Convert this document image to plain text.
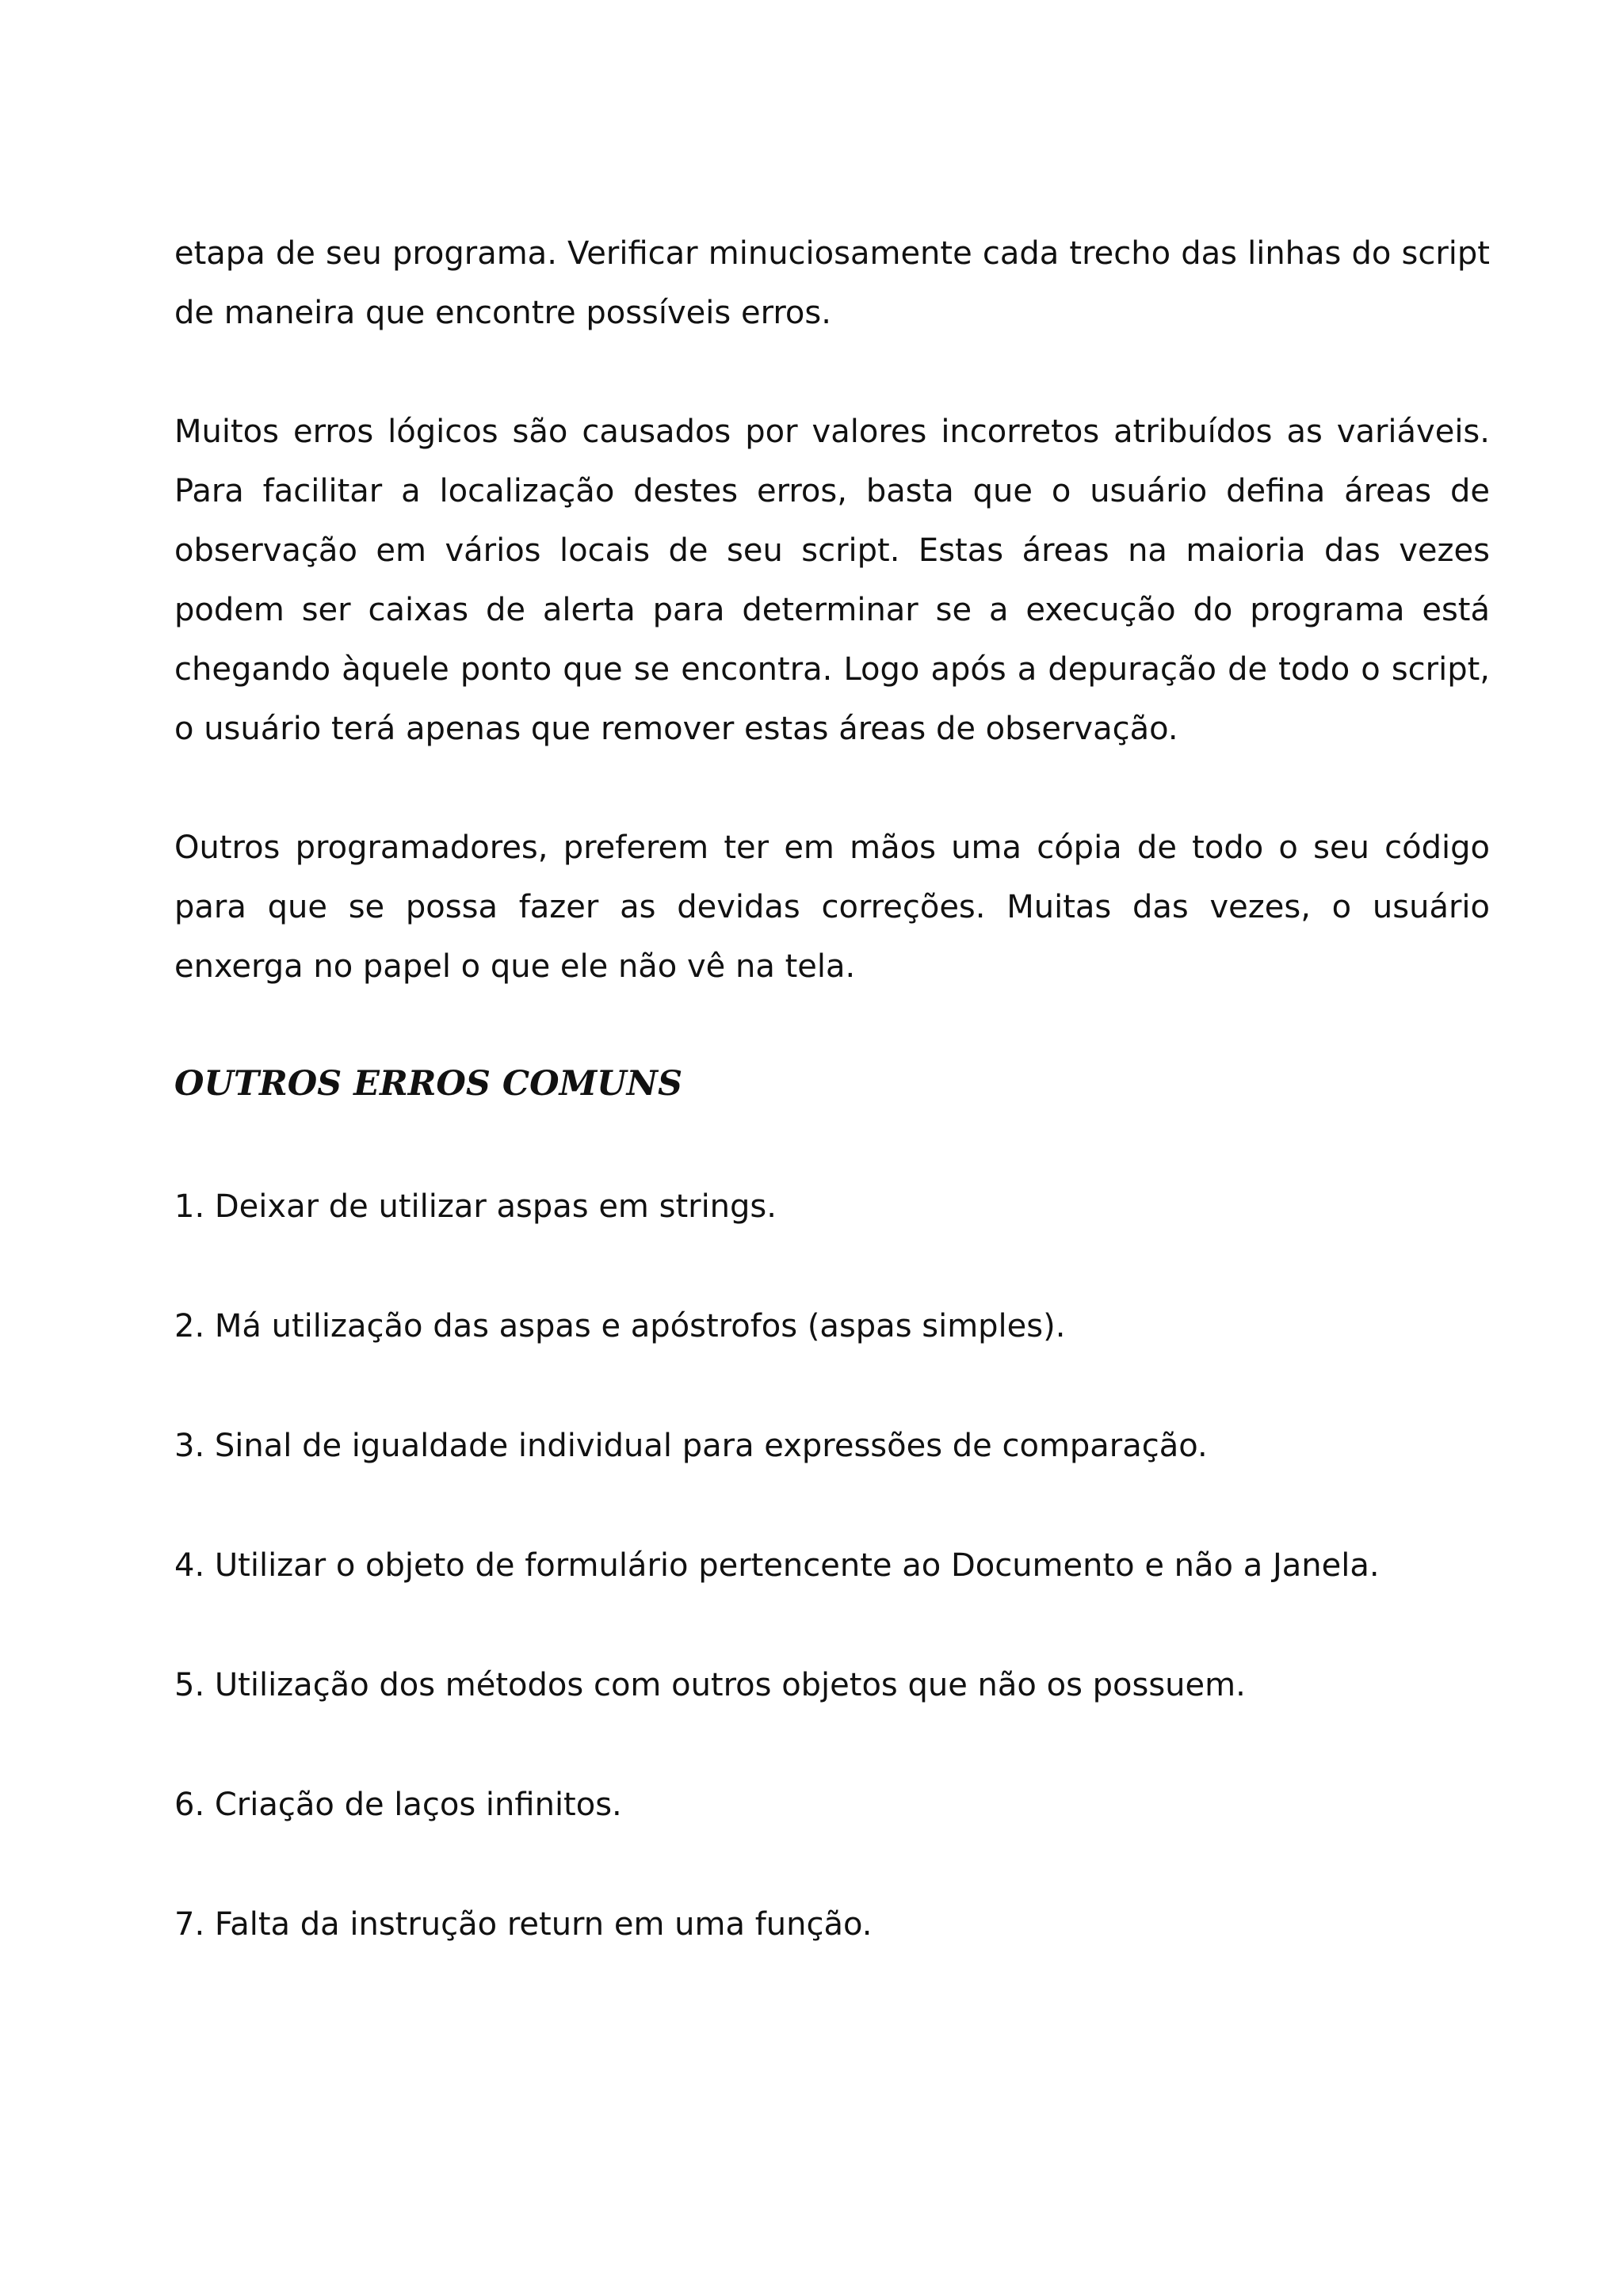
etapa de seu programa. Verificar minuciosamente cada trecho das linhas do script de maneira que encontre possíveis erros.

Muitos erros lógicos são causados por valores incorretos atribuídos as variáveis. Para facilitar a localização destes erros, basta que o usuário defina áreas de observação em vários locais de seu script. Estas áreas na maioria das vezes podem ser caixas de alerta para determinar se a execução do programa está chegando àquele ponto que se encontra. Logo após a depuração de todo o script, o usuário terá apenas que remover estas áreas de observação.

Outros programadores, preferem ter em mãos uma cópia de todo o seu código para que se possa fazer as devidas correções. Muitas das vezes, o usuário enxerga no papel o que ele não vê na tela.

OUTROS ERROS COMUNS
1. Deixar de utilizar aspas em strings.
2. Má utilização das aspas e apóstrofos (aspas simples).
3. Sinal de igualdade individual para expressões de comparação.
4. Utilizar o objeto de formulário pertencente ao Documento e não a Janela.
5. Utilização dos métodos com outros objetos que não os possuem.
6. Criação de laços infinitos.
7. Falta da instrução return em uma função.
